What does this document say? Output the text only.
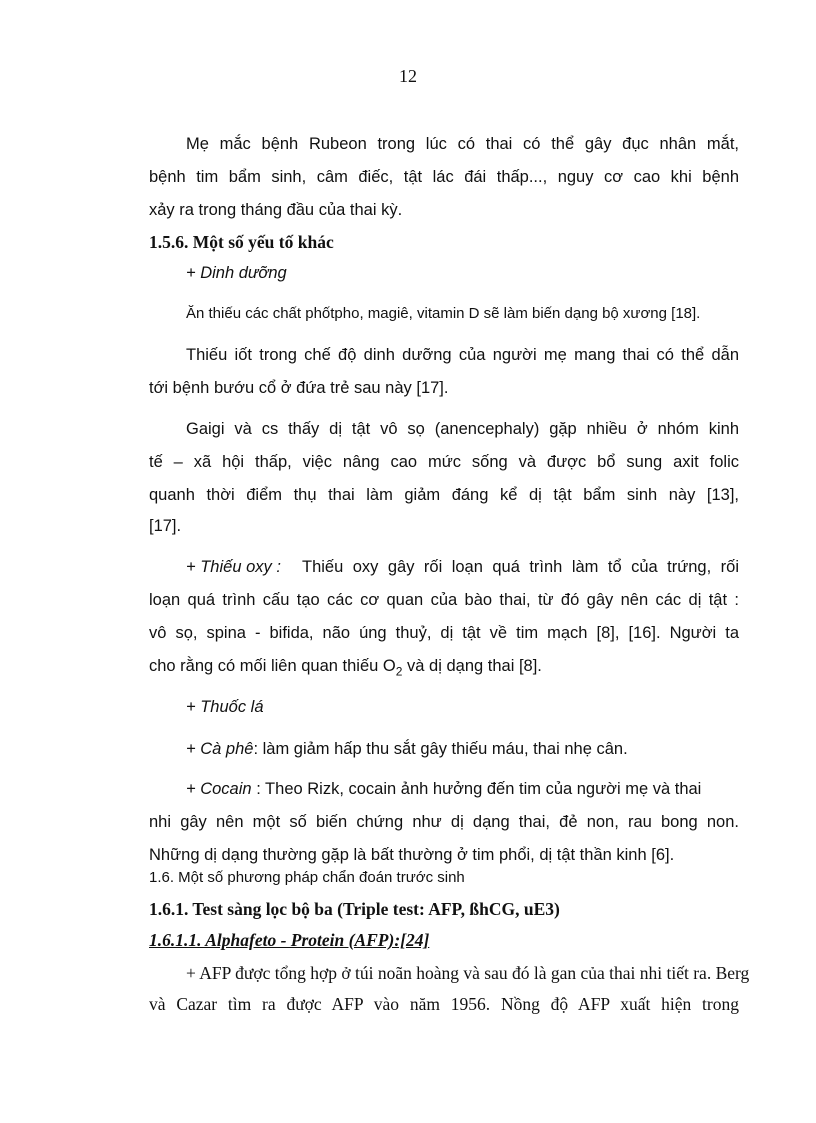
12
Mẹ mắc bệnh Rubeon trong lúc có thai có thể gây đục nhân mắt,
bệnh tim bẩm sinh, câm điếc, tật lác đái thấp..., nguy cơ cao khi bệnh
xảy ra trong tháng đầu của thai kỳ.
1.5.6. Một số yếu tố khác
+ Dinh dưỡng
Ăn thiếu các chất phốtpho, magiê, vitamin D sẽ làm biến dạng bộ xương [18].
Thiếu iốt trong chế độ dinh dưỡng của người mẹ mang thai có thể dẫn
tới bệnh bướu cổ ở đứa trẻ sau này [17].
Gaigi và cs thấy dị tật vô sọ (anencephaly) gặp nhiều ở nhóm kinh
tế – xã hội thấp, việc nâng cao mức sống và được bổ sung axit folic
quanh thời điểm thụ thai làm giảm đáng kể dị tật bẩm sinh này [13],
[17].
+ Thiếu oxy : Thiếu oxy gây rối loạn quá trình làm tổ của trứng, rối
loạn quá trình cấu tạo các cơ quan của bào thai, từ đó gây nên các dị tật :
vô sọ, spina - bifida, não úng thuỷ, dị tật về tim mạch [8], [16]. Người ta
cho rằng có mối liên quan thiếu $O_2$ và dị dạng thai [8].
+ Thuốc lá
+ Cà phê: làm giảm hấp thu sắt gây thiếu máu, thai nhẹ cân.
+ Cocain : Theo Rizk, cocain ảnh hưởng đến tim của người mẹ và thai
nhi gây nên một số biến chứng như dị dạng thai, đẻ non, rau bong non.
Những dị dạng thường gặp là bất thường ở tim phổi, dị tật thần kinh [6].
1.6. Một số phương pháp chẩn đoán trước sinh
1.6.1. Test sàng lọc bộ ba (Triple test: AFP, ßhCG, uE3)
1.6.1.1. Alphafeto - Protein (AFP):[24]
+ AFP được tổng hợp ở túi noãn hoàng và sau đó là gan của thai nhi tiết ra. Berg
và Cazar tìm ra được AFP vào năm 1956. Nồng độ AFP xuất hiện trong
